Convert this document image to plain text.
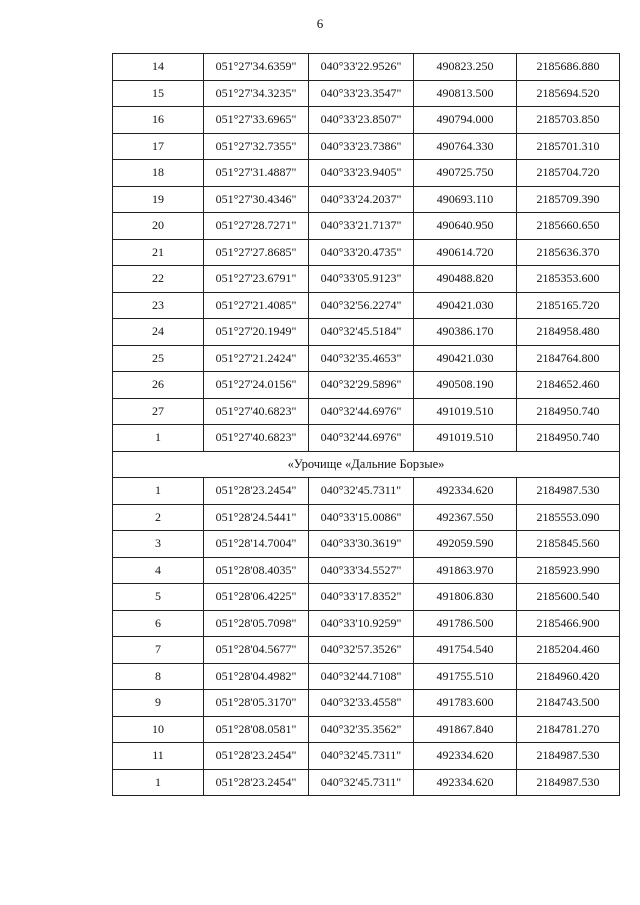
6
14	051°27'34.6359"	040°33'22.9526"	490823.250	2185686.880
15	051°27'34.3235"	040°33'23.3547"	490813.500	2185694.520
16	051°27'33.6965"	040°33'23.8507"	490794.000	2185703.850
17	051°27'32.7355"	040°33'23.7386"	490764.330	2185701.310
18	051°27'31.4887"	040°33'23.9405"	490725.750	2185704.720
19	051°27'30.4346"	040°33'24.2037"	490693.110	2185709.390
20	051°27'28.7271"	040°33'21.7137"	490640.950	2185660.650
21	051°27'27.8685"	040°33'20.4735"	490614.720	2185636.370
22	051°27'23.6791"	040°33'05.9123"	490488.820	2185353.600
23	051°27'21.4085"	040°32'56.2274"	490421.030	2185165.720
24	051°27'20.1949"	040°32'45.5184"	490386.170	2184958.480
25	051°27'21.2424"	040°32'35.4653"	490421.030	2184764.800
26	051°27'24.0156"	040°32'29.5896"	490508.190	2184652.460
27	051°27'40.6823"	040°32'44.6976"	491019.510	2184950.740
1	051°27'40.6823"	040°32'44.6976"	491019.510	2184950.740
«Урочище «Дальние Борзые»				
1	051°28'23.2454"	040°32'45.7311"	492334.620	2184987.530
2	051°28'24.5441"	040°33'15.0086"	492367.550	2185553.090
3	051°28'14.7004"	040°33'30.3619"	492059.590	2185845.560
4	051°28'08.4035"	040°33'34.5527"	491863.970	2185923.990
5	051°28'06.4225"	040°33'17.8352"	491806.830	2185600.540
6	051°28'05.7098"	040°33'10.9259"	491786.500	2185466.900
7	051°28'04.5677"	040°32'57.3526"	491754.540	2185204.460
8	051°28'04.4982"	040°32'44.7108"	491755.510	2184960.420
9	051°28'05.3170"	040°32'33.4558"	491783.600	2184743.500
10	051°28'08.0581"	040°32'35.3562"	491867.840	2184781.270
11	051°28'23.2454"	040°32'45.7311"	492334.620	2184987.530
1	051°28'23.2454"	040°32'45.7311"	492334.620	2184987.530
